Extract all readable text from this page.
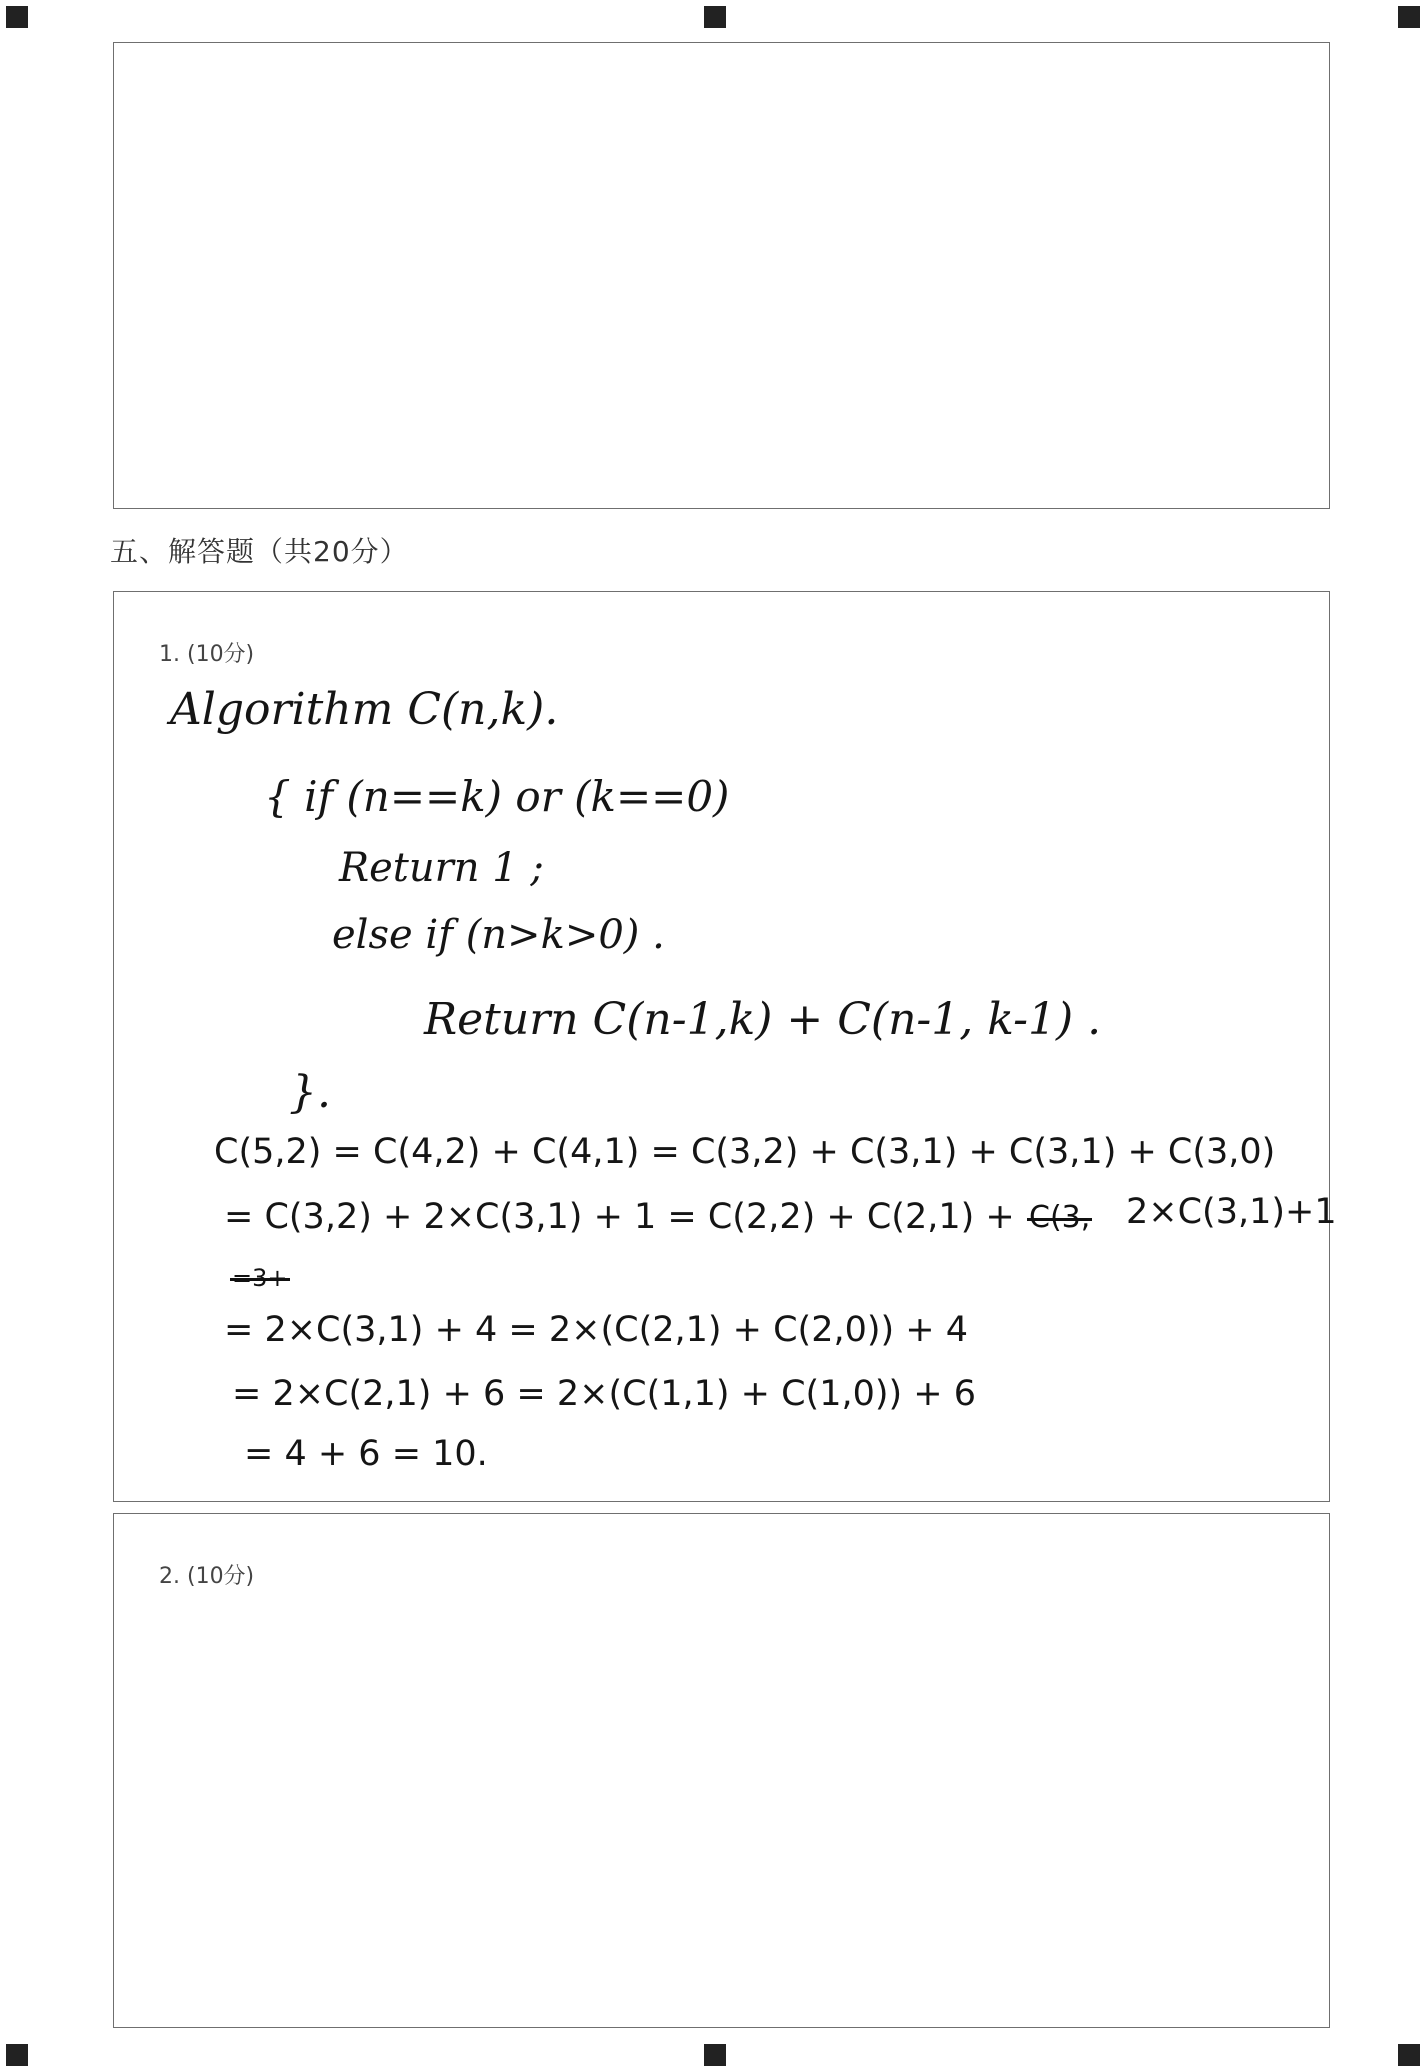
五、解答题（共20分）
1. (10分)
Algorithm C(n,k).
{ if (n==k) or (k==0)
Return 1 ;
else if (n>k>0) .
Return C(n-1,k) + C(n-1, k-1) .
}.
C(5,2) = C(4,2) + C(4,1) = C(3,2) + C(3,1) + C(3,1) + C(3,0)
= C(3,2) + 2×C(3,1) + 1 = C(2,2) + C(2,1) + C(3, 2×C(3,1)+1
=3+
= 2×C(3,1) + 4 = 2×(C(2,1) + C(2,0)) + 4
= 2×C(2,1) + 6 = 2×(C(1,1) + C(1,0)) + 6
= 4 + 6 = 10.
2. (10分)
